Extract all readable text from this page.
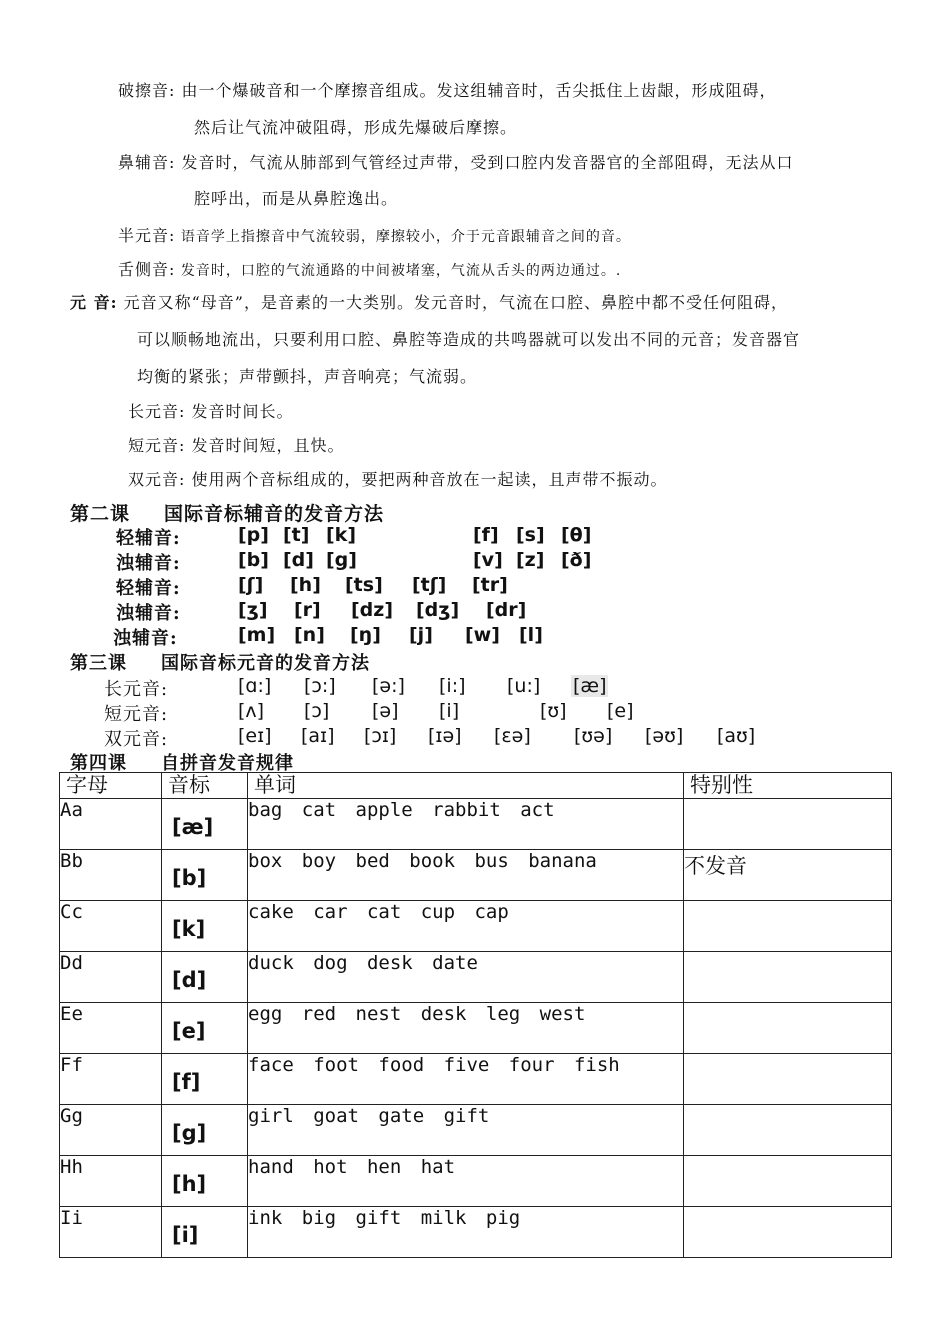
破擦音: 由一个爆破音和一个摩擦音组成。发这组辅音时，舌尖抵住上齿龈，形成阻碍，
然后让气流冲破阻碍，形成先爆破后摩擦。
鼻辅音: 发音时，气流从肺部到气管经过声带，受到口腔内发音器官的全部阻碍，无法从口
腔呼出，而是从鼻腔逸出。
半元音: 语音学上指擦音中气流较弱，摩擦较小，介于元音跟辅音之间的音。
舌侧音: 发音时，口腔的气流通路的中间被堵塞，气流从舌头的两边通过。.
元 音: 元音又称“母音”，是音素的一大类别。发元音时，气流在口腔、鼻腔中都不受任何阻碍，
可以顺畅地流出，只要利用口腔、鼻腔等造成的共鸣器就可以发出不同的元音；发音器官
均衡的紧张；声带颤抖，声音响亮；气流弱。
长元音: 发音时间长。
短元音: 发音时间短，且快。
双元音: 使用两个音标组成的，要把两种音放在一起读，且声带不振动。
第二课 国际音标辅音的发音方法
轻辅音:	[p] [t] [k]	[f] [s] [θ]
浊辅音:	[b] [d] [g]	[v] [z] [ð]
轻辅音:	[ʃ] [h] [ts] [tʃ] [tr]
浊辅音:	[ʒ] [r] [dz] [dʒ] [dr]
浊辅音:	[m] [n] [ŋ] [j] [w] [l]
第三课 国际音标元音的发音方法
长元音:	[ɑ:] [ɔ:] [ə:] [i:] [u:] [æ]
短元音:	[ʌ] [ɔ] [ə] [i]	[ʊ] [e]
双元音:	[eɪ] [aɪ] [ɔɪ] [ɪə] [ɛə] [ʊə] [əʊ] [aʊ]
第四课 自拼音发音规律
字母	音标	单词	特别性
Aa	[æ]	bag cat apple rabbit act	
Bb	[b]	box boy bed book bus banana	不发音
Cc	[k]	cake car cat cup cap	
Dd	[d]	duck dog desk date	
Ee	[e]	egg red nest desk leg west	
Ff	[f]	face foot food five four fish	
Gg	[g]	girl goat gate gift	
Hh	[h]	hand hot hen hat	
Ii	[i]	ink big gift milk pig	
